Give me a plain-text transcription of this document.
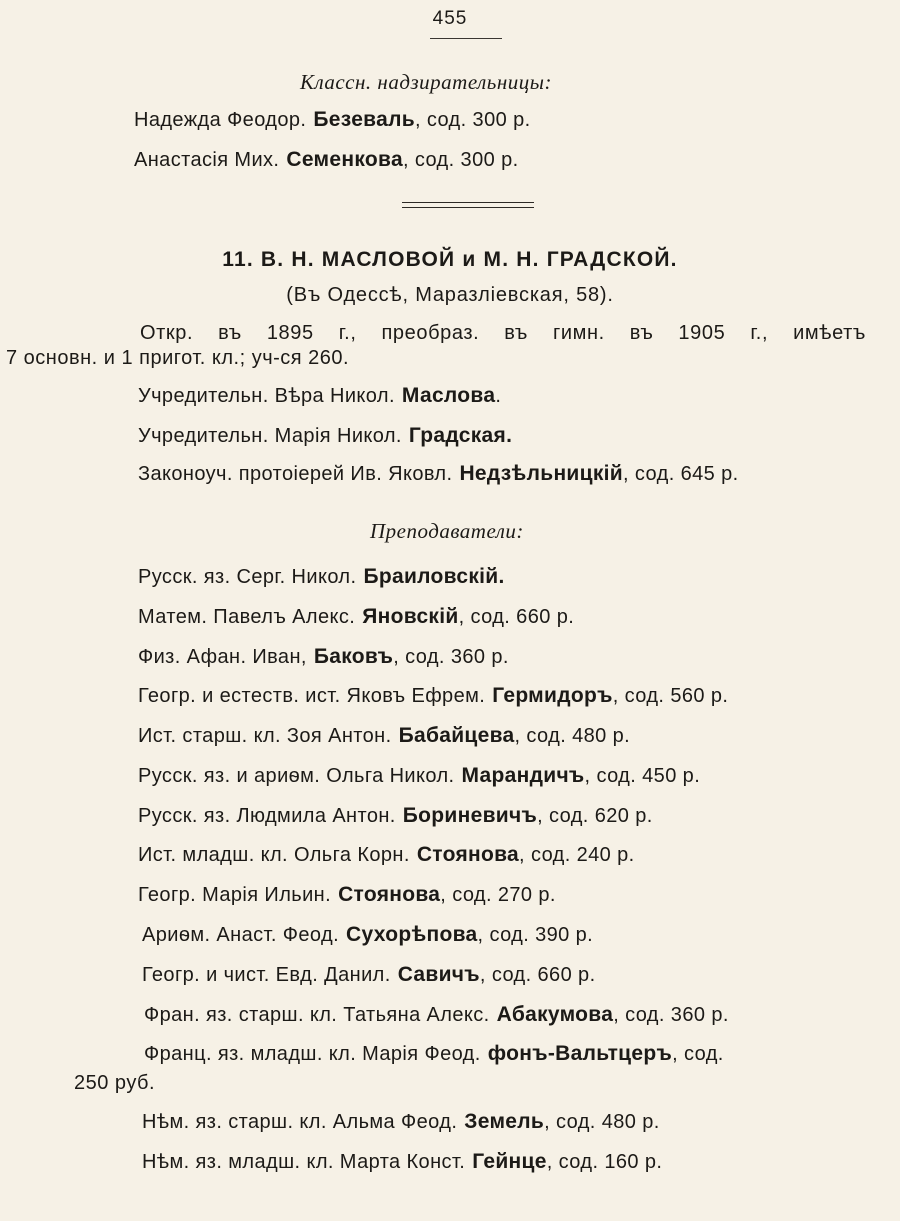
455
Классн. надзирательницы:
Надежда Феодор. Безеваль , сод. 300 р.
Анастасія Мих. Семенкова , сод. 300 р.
11. В. Н. МАСЛОВОЙ и М. Н. ГРАДСКОЙ.
(Въ Одессѣ, Маразліевская, 58).
Откр. въ 1895 г., преобраз. въ гимн. въ 1905 г., имѣетъ
7 основн. и 1 пригот. кл.; уч-ся 260.
Учредительн. Вѣра Никол. Маслова .
Учредительн. Марія Никол. Градская.
Законоуч. протоіерей Ив. Яковл. Недзѣльницкій , сод. 645 р.
Преподаватели:
Русск. яз. Серг. Никол. Браиловскій.
Матем. Павелъ Алекс. Яновскій , сод. 660 р.
Физ. Афан. Иван, Баковъ , сод. 360 р.
Геогр. и естеств. ист. Яковъ Ефрем. Гермидоръ , сод. 560 р.
Ист. старш. кл. Зоя Антон. Бабайцева , сод. 480 р.
Русск. яз. и ариѳм. Ольга Никол. Марандичъ , сод. 450 р.
Русск. яз. Людмила Антон. Бориневичъ , сод. 620 р.
Ист. младш. кл. Ольга Корн. Стоянова , сод. 240 р.
Геогр. Марія Ильин. Стоянова , сод. 270 р.
Ариѳм. Анаст. Феод. Сухорѣпова , сод. 390 р.
Геогр. и чист. Евд. Данил. Савичъ , сод. 660 р.
Фран. яз. старш. кл. Татьяна Алекс. Абакумова , сод. 360 р.
Франц. яз. младш. кл. Марія Феод. фонъ-Вальтцеръ , сод.
250 руб.
Нѣм. яз. старш. кл. Альма Феод. Земель , сод. 480 р.
Нѣм. яз. младш. кл. Марта Конст. Гейнце , сод. 160 р.
